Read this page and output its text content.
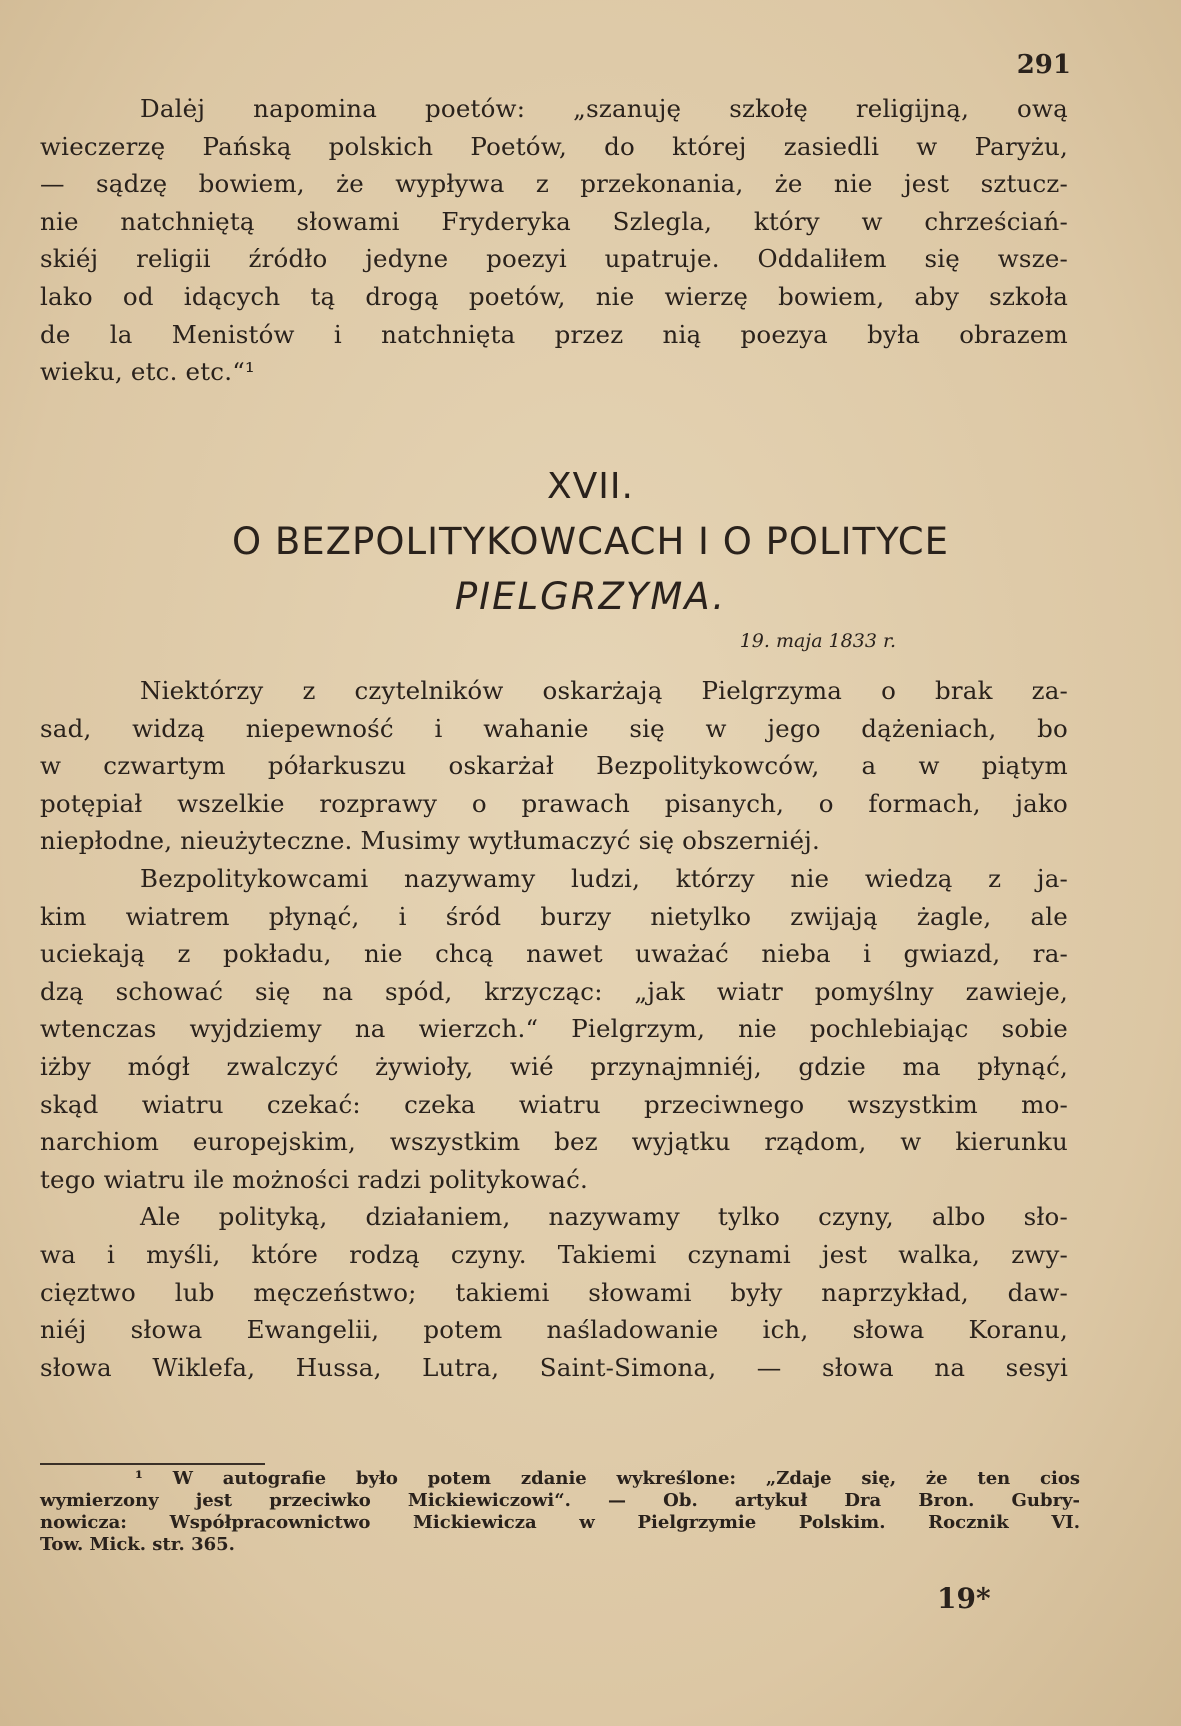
291
Dalėj napomina poetów: „szanuję szkołę religijną, ową
wieczerzę Pańską polskich Poetów, do której zasiedli w Paryżu,
— sądzę bowiem, że wypływa z przekonania, że nie jest sztucz-
nie natchniętą słowami Fryderyka Szlegla, który w chrześciań-
skiéj religii źródło jedyne poezyi upatruje. Oddaliłem się wsze-
lako od idących tą drogą poetów, nie wierzę bowiem, aby szkoła
de la Menistów i natchnięta przez nią poezya była obrazem
wieku, etc. etc.“¹
XVII.
O BEZPOLITYKOWCACH I O POLITYCE
PIELGRZYMA.
19. maja 1833 r.
Niektórzy z czytelników oskarżają Pielgrzyma o brak za-
sad, widzą niepewność i wahanie się w jego dążeniach, bo
w czwartym półarkuszu oskarżał Bezpolitykowców, a w piątym
potępiał wszelkie rozprawy o prawach pisanych, o formach, jako
niepłodne, nieużyteczne. Musimy wytłumaczyć się obszerniéj.
Bezpolitykowcami nazywamy ludzi, którzy nie wiedzą z ja-
kim wiatrem płynąć, i śród burzy nietylko zwijają żagle, ale
uciekają z pokładu, nie chcą nawet uważać nieba i gwiazd, ra-
dzą schować się na spód, krzycząc: „jak wiatr pomyślny zawieje,
wtenczas wyjdziemy na wierzch.“ Pielgrzym, nie pochlebiając sobie
iżby mógł zwalczyć żywioły, wié przynajmniéj, gdzie ma płynąć,
skąd wiatru czekać: czeka wiatru przeciwnego wszystkim mo-
narchiom europejskim, wszystkim bez wyjątku rządom, w kierunku
tego wiatru ile możności radzi politykować.
Ale polityką, działaniem, nazywamy tylko czyny, albo sło-
wa i myśli, które rodzą czyny. Takiemi czynami jest walka, zwy-
cięztwo lub męczeństwo; takiemi słowami były naprzykład, daw-
niéj słowa Ewangelii, potem naśladowanie ich, słowa Koranu,
słowa Wiklefa, Hussa, Lutra, Saint-Simona, — słowa na sesyi
¹ W autografie było potem zdanie wykreślone: „Zdaje się, że ten cios
wymierzony jest przeciwko Mickiewiczowi“. — Ob. artykuł Dra Bron. Gubry-
nowicza: Współpracownictwo Mickiewicza w Pielgrzymie Polskim. Rocznik VI.
Tow. Mick. str. 365.
19*
